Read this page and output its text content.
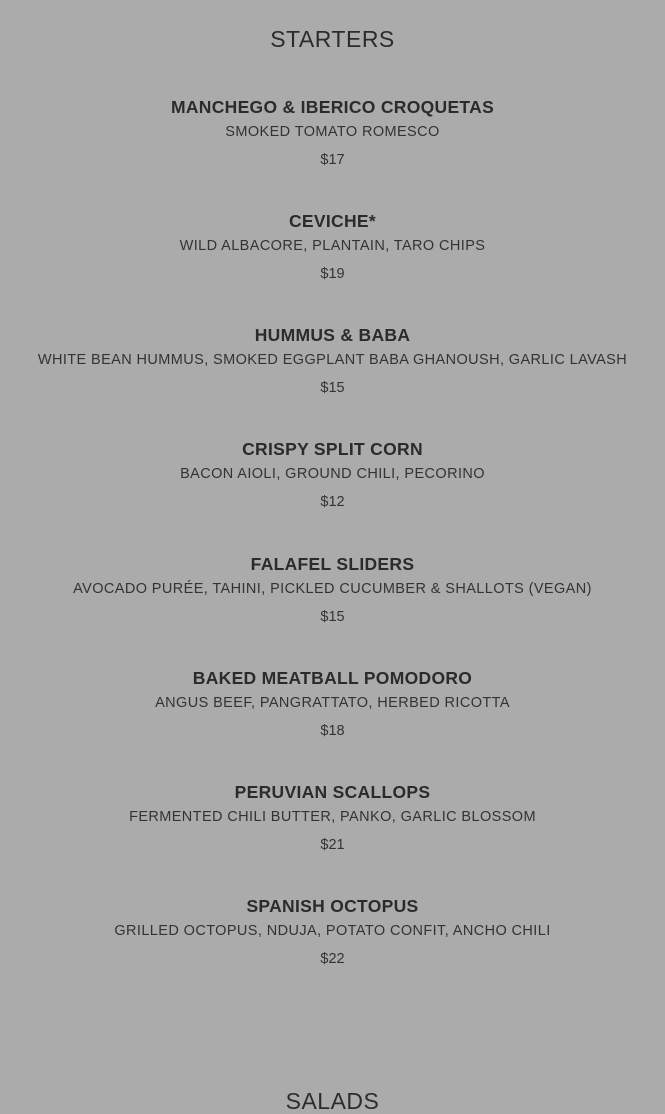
STARTERS
MANCHEGO & IBERICO CROQUETAS
SMOKED TOMATO ROMESCO
$17
CEVICHE*
WILD ALBACORE, PLANTAIN, TARO CHIPS
$19
HUMMUS & BABA
WHITE BEAN HUMMUS, SMOKED EGGPLANT BABA GHANOUSH, GARLIC LAVASH
$15
CRISPY SPLIT CORN
BACON AIOLI, GROUND CHILI, PECORINO
$12
FALAFEL SLIDERS
AVOCADO PURÉE, TAHINI, PICKLED CUCUMBER & SHALLOTS (VEGAN)
$15
BAKED MEATBALL POMODORO
ANGUS BEEF, PANGRATTATO, HERBED RICOTTA
$18
PERUVIAN SCALLOPS
FERMENTED CHILI BUTTER, PANKO, GARLIC BLOSSOM
$21
SPANISH OCTOPUS
GRILLED OCTOPUS, NDUJA, POTATO CONFIT, ANCHO CHILI
$22
SALADS
